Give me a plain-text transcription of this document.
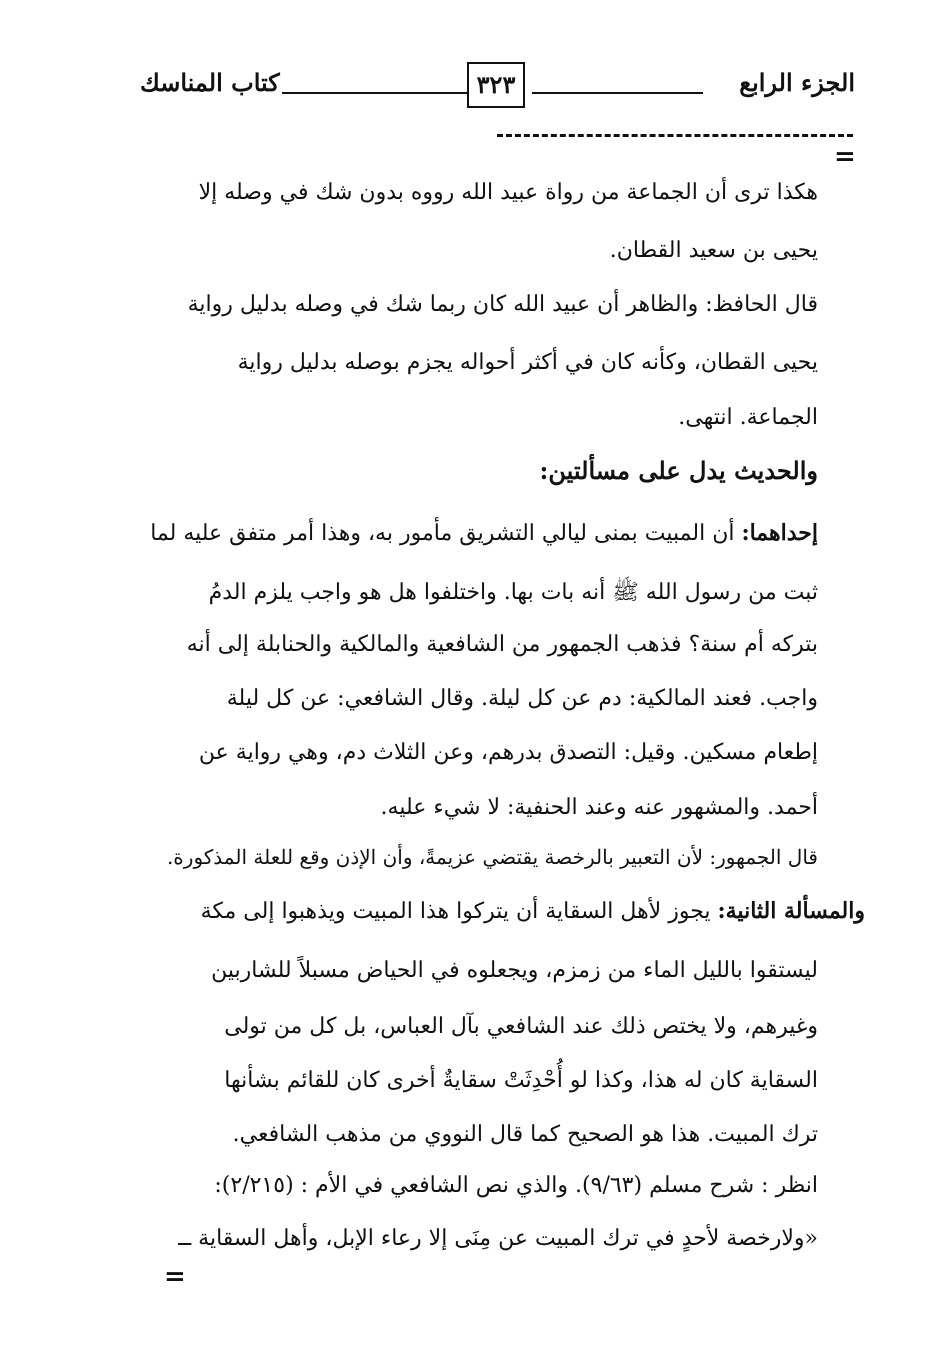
الجزء الرابع
٣٢٣
كتاب المناسك
=
هكذا ترى أن الجماعة من رواة عبيد الله رووه بدون شك في وصله إلا
يحيى بن سعيد القطان.
قال الحافظ: والظاهر أن عبيد الله كان ربما شك في وصله بدليل رواية
يحيى القطان، وكأنه كان في أكثر أحواله يجزم بوصله بدليل رواية
الجماعة. انتهى.
والحديث يدل على مسألتين:
إحداهما: أن المبيت بمنى ليالي التشريق مأمور به، وهذا أمر متفق عليه لما
ثبت من رسول الله ﷺ أنه بات بها. واختلفوا هل هو واجب يلزم الدمُ
بتركه أم سنة؟ فذهب الجمهور من الشافعية والمالكية والحنابلة إلى أنه
واجب. فعند المالكية: دم عن كل ليلة. وقال الشافعي: عن كل ليلة
إطعام مسكين. وقيل: التصدق بدرهم، وعن الثلاث دم، وهي رواية عن
أحمد. والمشهور عنه وعند الحنفية: لا شيء عليه.
قال الجمهور: لأن التعبير بالرخصة يقتضي عزيمةً، وأن الإذن وقع للعلة المذكورة.
والمسألة الثانية: يجوز لأهل السقاية أن يتركوا هذا المبيت ويذهبوا إلى مكة
ليستقوا بالليل الماء من زمزم، ويجعلوه في الحياض مسبلاً للشاربين
وغيرهم، ولا يختص ذلك عند الشافعي بآل العباس، بل كل من تولى
السقاية كان له هذا، وكذا لو أُحْدِثَتْ سقايةٌ أخرى كان للقائم بشأنها
ترك المبيت. هذا هو الصحيح كما قال النووي من مذهب الشافعي.
انظر : شرح مسلم (٩/٦٣). والذي نص الشافعي في الأم : (٢/٢١٥):
«ولارخصة لأحدٍ في ترك المبيت عن مِنَى إلا رعاء الإبل، وأهل السقاية ــ
=
